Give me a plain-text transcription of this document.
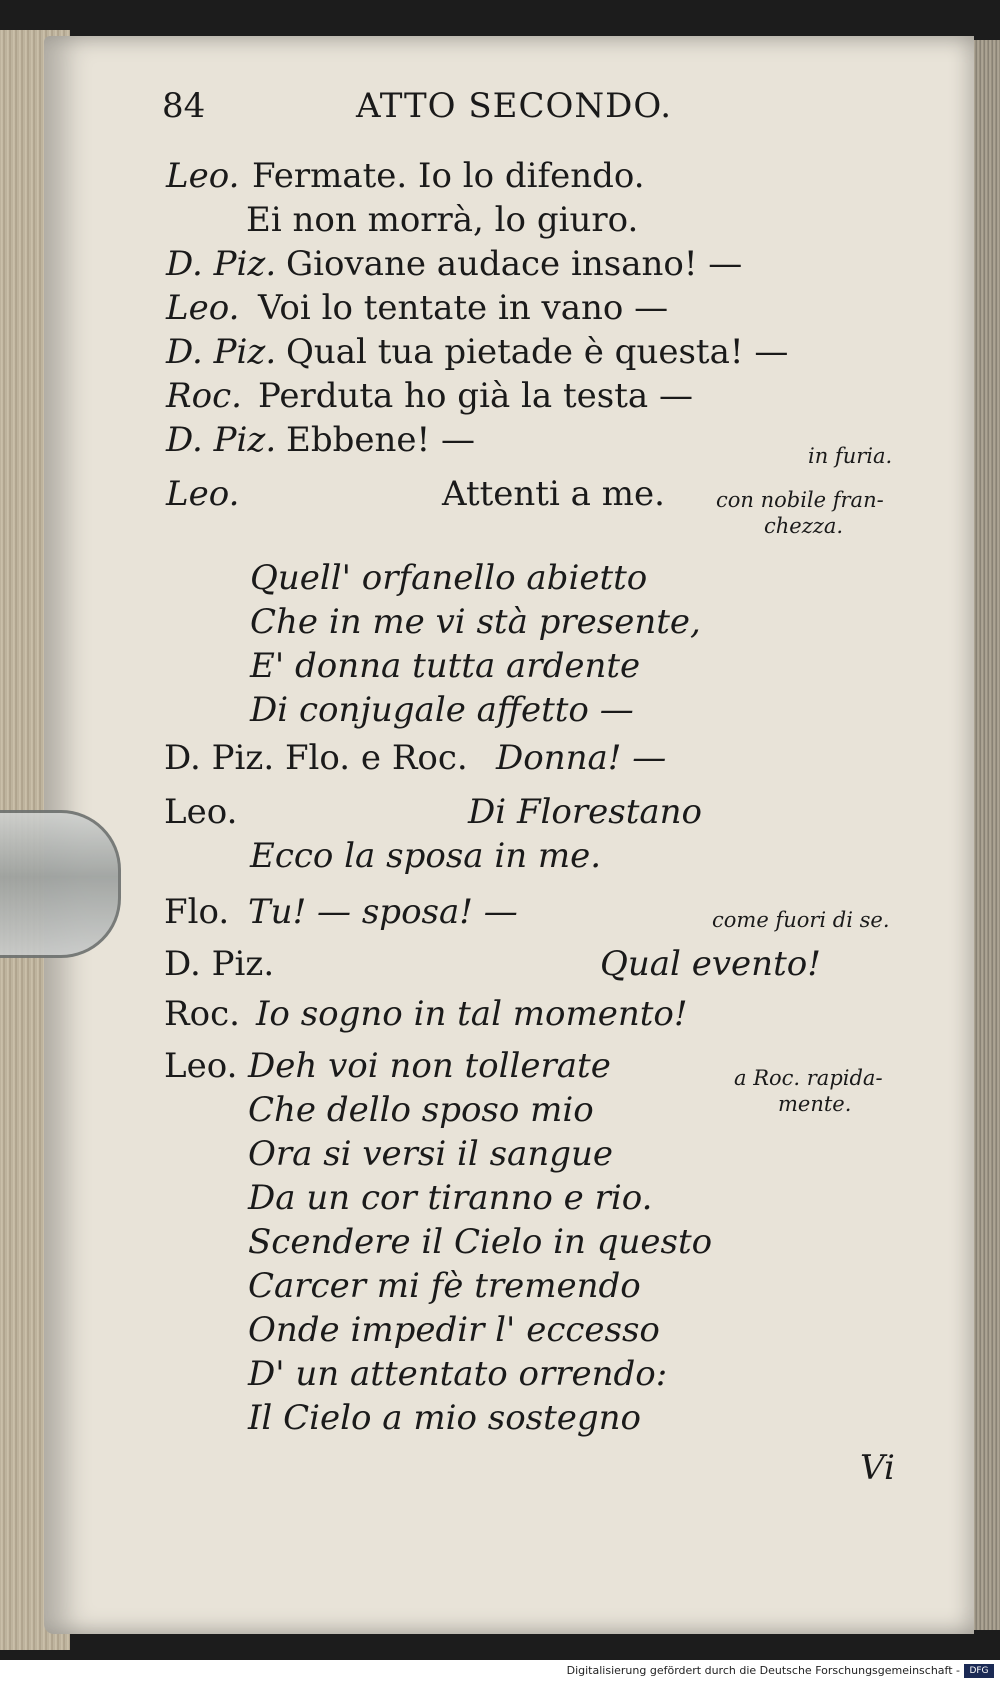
84	ATTO SECONDO.
Leo. Fermate. Io lo difendo.
Ei non morrà, lo giuro.
D. Piz. Giovane audace insano! —
Leo. Voi lo tentate in vano —
D. Piz. Qual tua pietade è questa! —
Roc. Perduta ho già la testa —
D. Piz. Ebbene! —	in furia.
Leo.	Attenti a me. con nobile fran-
chezza.
Quell' orfanello abietto
Che in me vi stà presente,
E' donna tutta ardente
Di conjugale affetto —
D. Piz. Flo. e Roc. Donna! —
Leo.	Di Florestano
Ecco la sposa in me.
Flo. Tu! — sposa! —	come fuori di se.
D. Piz.	Qual evento!
Roc. Io sogno in tal momento!
Leo. Deh voi non tollerate	a Roc. rapida-
mente.
Che dello sposo mio
Ora si versi il sangue
Da un cor tiranno e rio.
Scendere il Cielo in questo
Carcer mi fè tremendo
Onde impedir l' eccesso
D' un attentato orrendo:
Il Cielo a mio sostegno
Vi
Digitalisierung gefördert durch die Deutsche Forschungsgemeinschaft -	DFG
